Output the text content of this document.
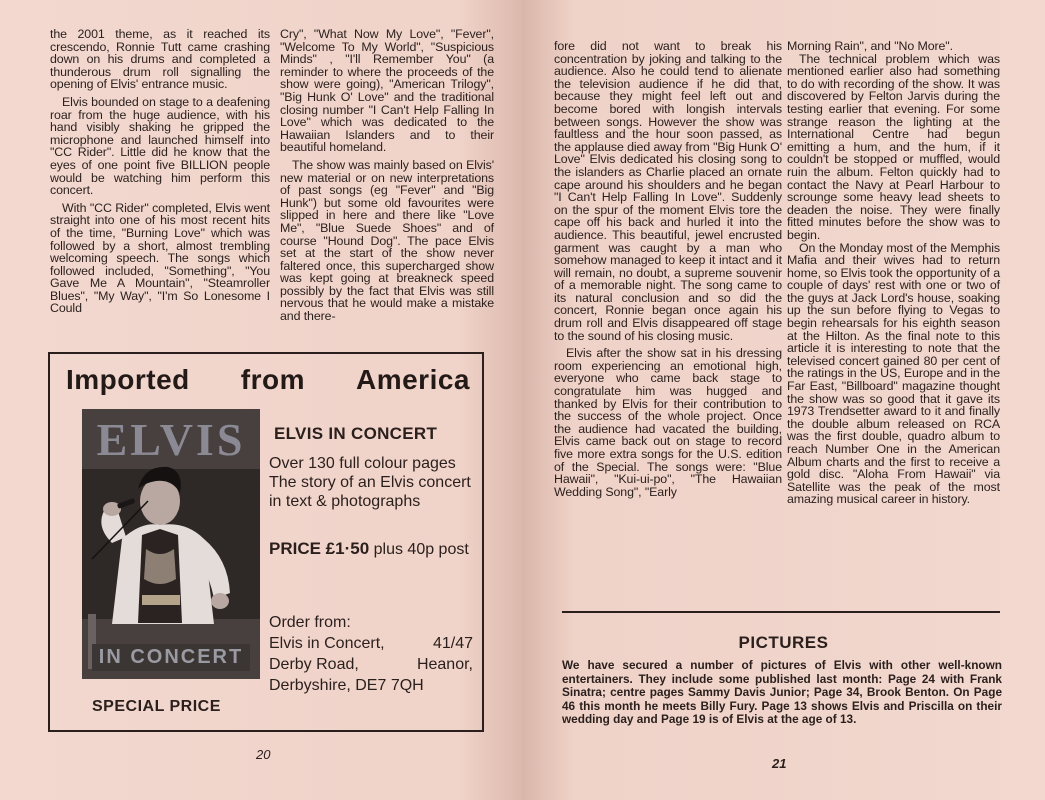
the 2001 theme, as it reached its crescendo, Ronnie Tutt came crashing down on his drums and completed a thunderous drum roll signalling the opening of Elvis' entrance music.

Elvis bounded on stage to a deafening roar from the huge audience, with his hand visibly shaking he gripped the microphone and launched himself into "CC Rider". Little did he know that the eyes of one point five BILLION people would be watching him perform this concert.

With "CC Rider" completed, Elvis went straight into one of his most recent hits of the time, "Burning Love" which was followed by a short, almost trembling welcoming speech. The songs which followed included, "Something", "You Gave Me A Mountain", "Steamroller Blues", "My Way", "I'm So Lonesome I Could

Cry", "What Now My Love", "Fever", "Welcome To My World", "Suspicious Minds" , "I'll Remember You" (a reminder to where the proceeds of the show were going), "American Trilogy", "Big Hunk O' Love" and the traditional closing number "I Can't Help Falling In Love" which was dedicated to the Hawaiian Islanders and to their beautiful homeland.

The show was mainly based on Elvis' new material or on new interpretations of past songs (eg "Fever" and "Big Hunk") but some old favourites were slipped in here and there like "Love Me", "Blue Suede Shoes" and of course "Hound Dog". The pace Elvis set at the start of the show never faltered once, this supercharged show was kept going at breakneck speed possibly by the fact that Elvis was still nervous that he would make a mistake and there-

Imported from America
ELVIS
IN CONCERT
ELVIS IN CONCERT
Over 130 full colour pages The story of an Elvis concert in text & photographs
PRICE £1·50 plus 40p post
Order from:
Elvis in Concert,	41/47
Derby Road,	Heanor,
Derbyshire, DE7 7QH
SPECIAL PRICE
20

fore did not want to break his concentration by joking and talking to the audience. Also he could tend to alienate the television audience if he did that, because they might feel left out and become bored with longish intervals between songs. However the show was faultless and the hour soon passed, as the applause died away from "Big Hunk O' Love" Elvis dedicated his closing song to the islanders as Charlie placed an ornate cape around his shoulders and he began "I Can't Help Falling In Love". Suddenly on the spur of the moment Elvis tore the cape off his back and hurled it into the audience. This beautiful, jewel encrusted garment was caught by a man who somehow managed to keep it intact and it will remain, no doubt, a supreme souvenir of a memorable night. The song came to its natural conclusion and so did the concert, Ronnie began once again his drum roll and Elvis disappeared off stage to the sound of his closing music.

Elvis after the show sat in his dressing room experiencing an emotional high, everyone who came back stage to congratulate him was hugged and thanked by Elvis for their contribution to the success of the whole project. Once the audience had vacated the building, Elvis came back out on stage to record five more extra songs for the U.S. edition of the Special. The songs were: "Blue Hawaii", "Kui-ui-po", "The Hawaiian Wedding Song", "Early

Morning Rain", and "No More".

The technical problem which was mentioned earlier also had something to do with recording of the show. It was discovered by Felton Jarvis during the testing earlier that evening. For some strange reason the lighting at the International Centre had begun emitting a hum, and the hum, if it couldn't be stopped or muffled, would ruin the album. Felton quickly had to contact the Navy at Pearl Harbour to scrounge some heavy lead sheets to deaden the noise. They were finally fitted minutes before the show was to begin.

On the Monday most of the Memphis Mafia and their wives had to return home, so Elvis took the opportunity of a couple of days' rest with one or two of the guys at Jack Lord's house, soaking up the sun before flying to Vegas to begin rehearsals for his eighth season at the Hilton. As the final note to this article it is interesting to note that the televised concert gained 80 per cent of the ratings in the US, Europe and in the Far East, "Billboard" magazine thought the show was so good that it gave its 1973 Trendsetter award to it and finally the double album released on RCA was the first double, quadro album to reach Number One in the American Album charts and the first to receive a gold disc. "Aloha From Hawaii" via Satellite was the peak of the most amazing musical career in history.

PICTURES
We have secured a number of pictures of Elvis with other well-known entertainers. They include some published last month: Page 24 with Frank Sinatra; centre pages Sammy Davis Junior; Page 34, Brook Benton. On Page 46 this month he meets Billy Fury. Page 13 shows Elvis and Priscilla on their wedding day and Page 19 is of Elvis at the age of 13.
21
